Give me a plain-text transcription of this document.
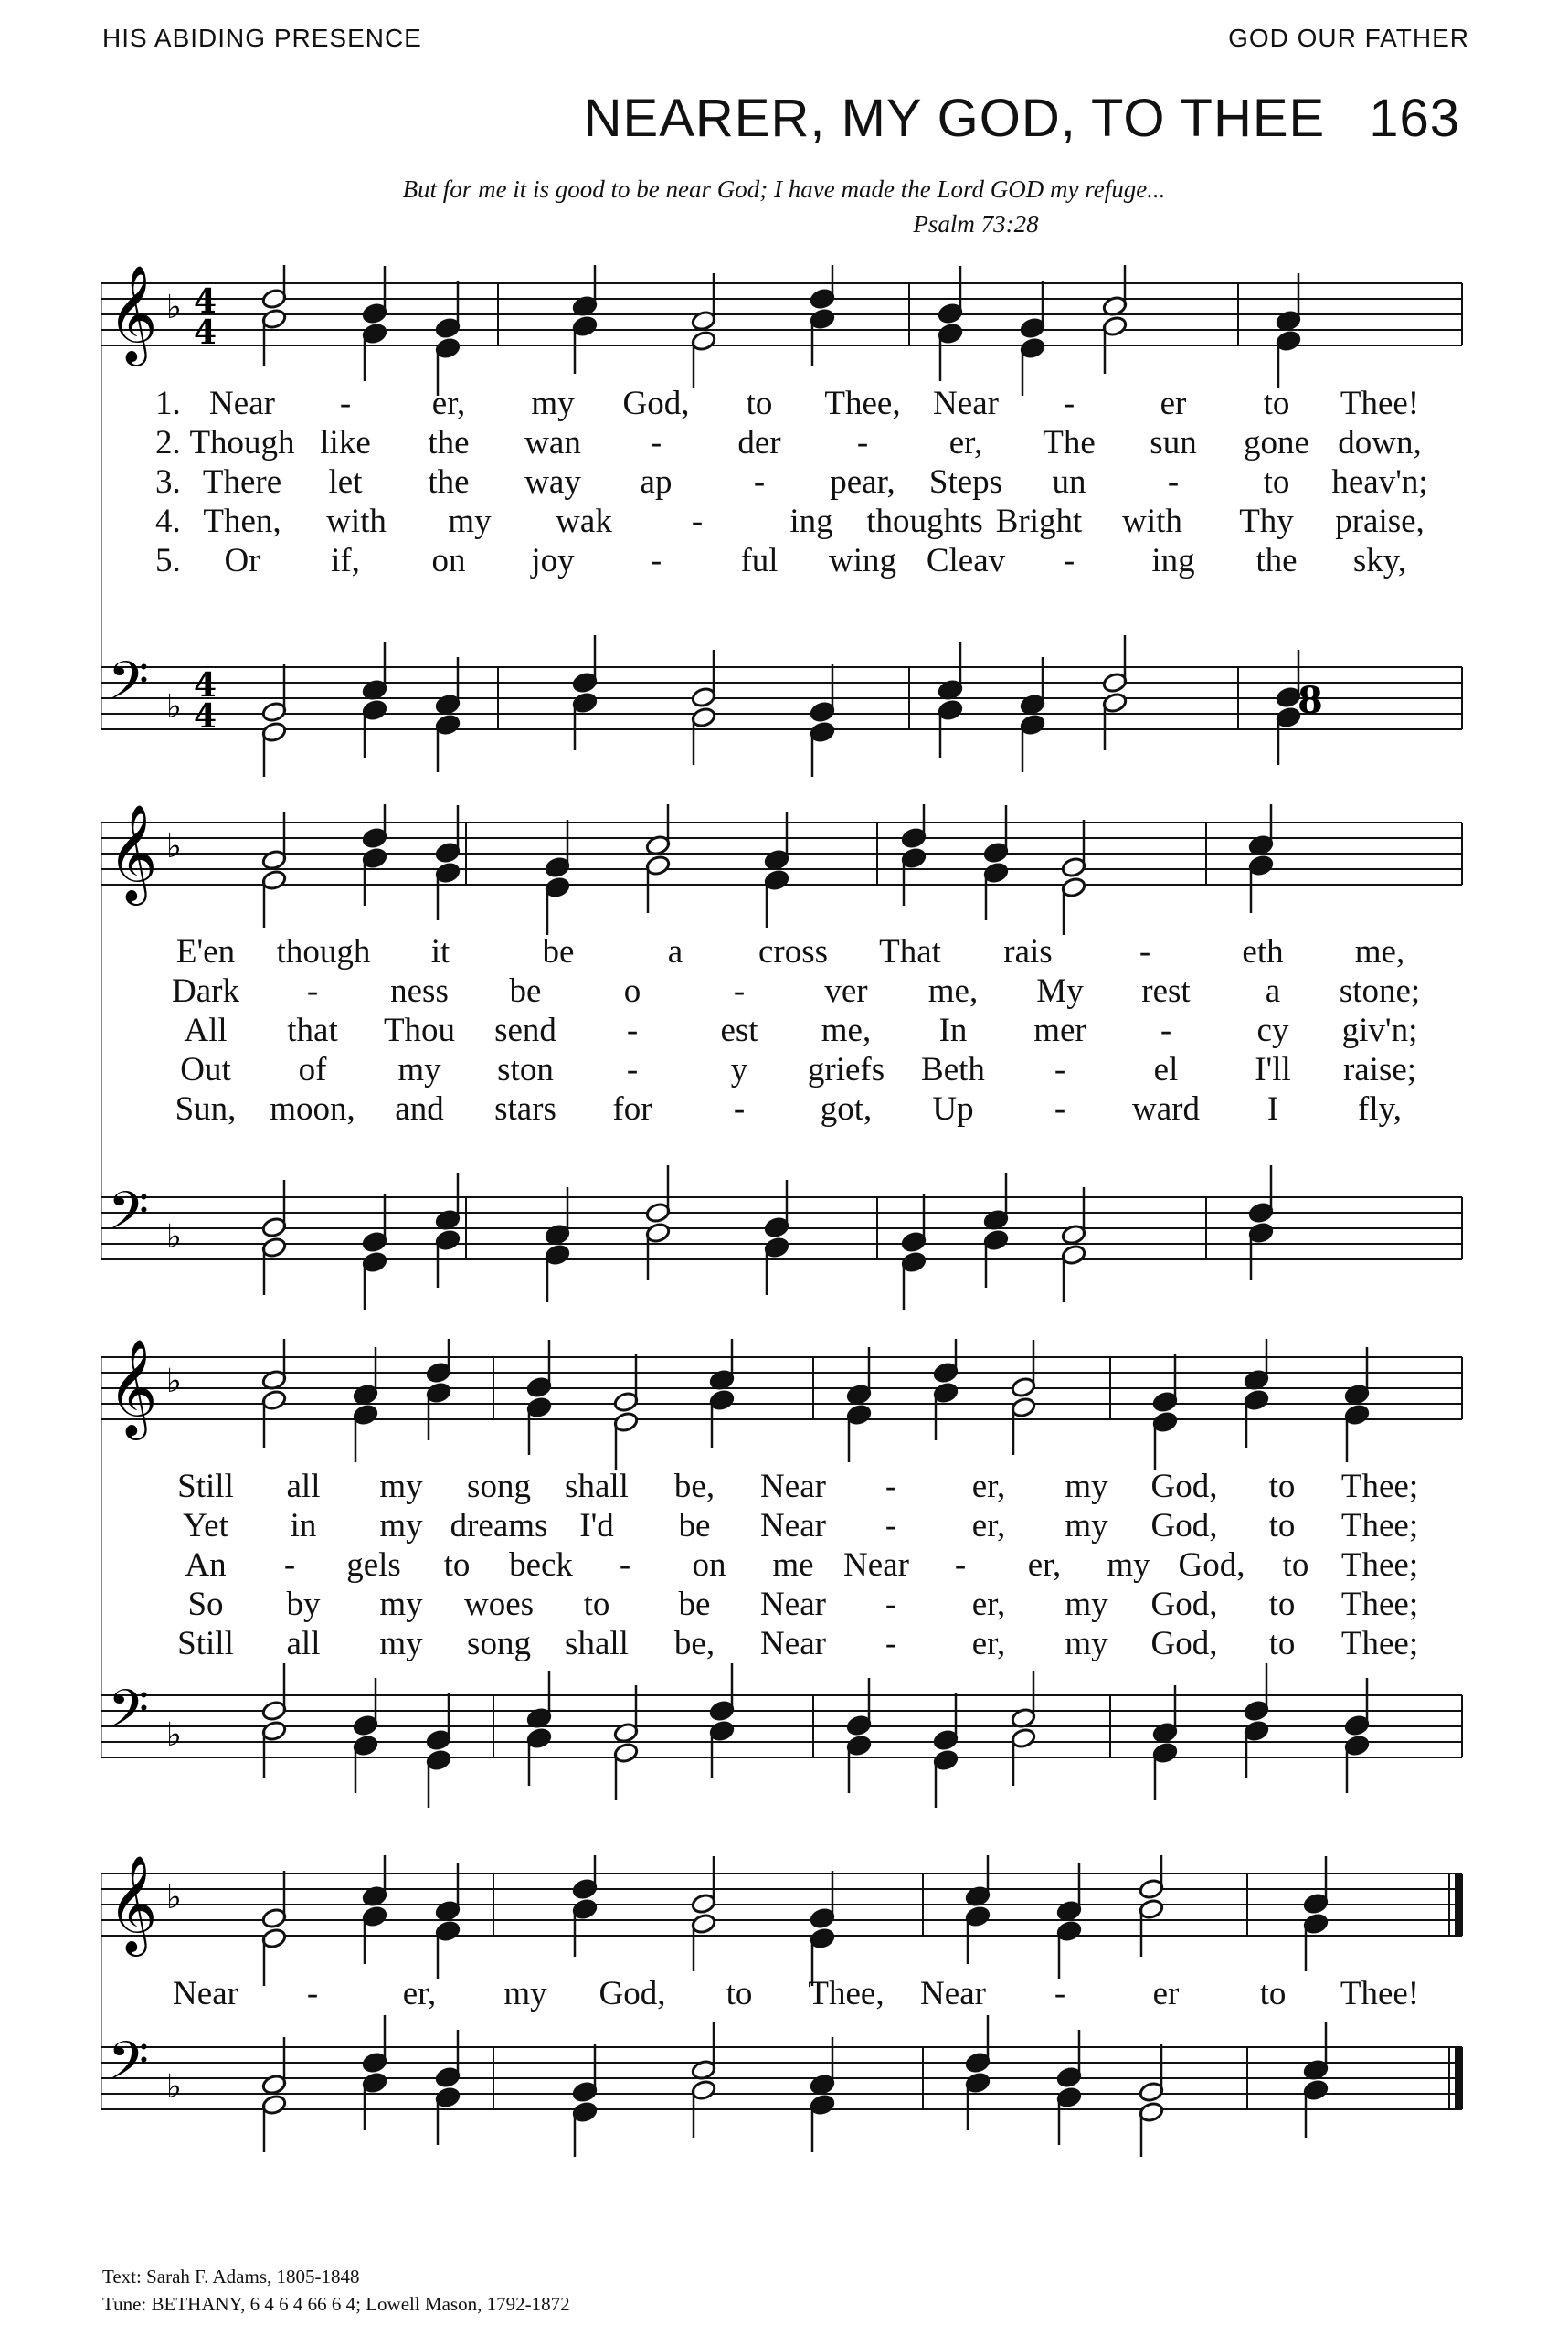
HIS ABIDING PRESENCE	GOD OUR FATHER
NEARER, MY GOD, TO THEE 163
But for me it is good to be near God; I have made the Lord GOD my refuge...
Psalm 73:28
𝄞 ♭ 4
4
𝄢 ♭
4
4	8
1. Near - er, my God, to Thee, Near -	er to Thee!
2. Though like the wan - der - er, The sun gone down,
3. There let the way ap - pear, Steps un - to heav'n;
4. Then, with my wak -	ing thoughts Bright with Thy praise,
5. Or if, on joy - ful wing Cleav - ing the sky,
𝄞 ♭
𝄢 ♭
E'en though it	be	a cross That rais	-	eth me,
Dark - ness be o	- ver me, My rest a stone;
All that Thou send - est me, In mer -	cy giv'n;
Out of my ston -	y griefs Beth -	el I'll raise;
Sun, moon, and stars for - got, Up - ward I fly,
𝄞 ♭
𝄢 ♭
Still all my song shall be, Near - er, my God, to Thee;
Yet in my dreams I'd be Near - er, my God, to Thee;
An - gels to beck - on me Near - er, my God, to Thee;
So by my woes to be Near - er, my God, to Thee;
Still all my song shall be, Near - er, my God, to Thee;
𝄞 ♭
𝄢 ♭
Near -	er, my God, to Thee, Near -	er to Thee!
Text: Sarah F. Adams, 1805-1848
Tune: BETHANY, 6 4 6 4 66 6 4; Lowell Mason, 1792-1872
